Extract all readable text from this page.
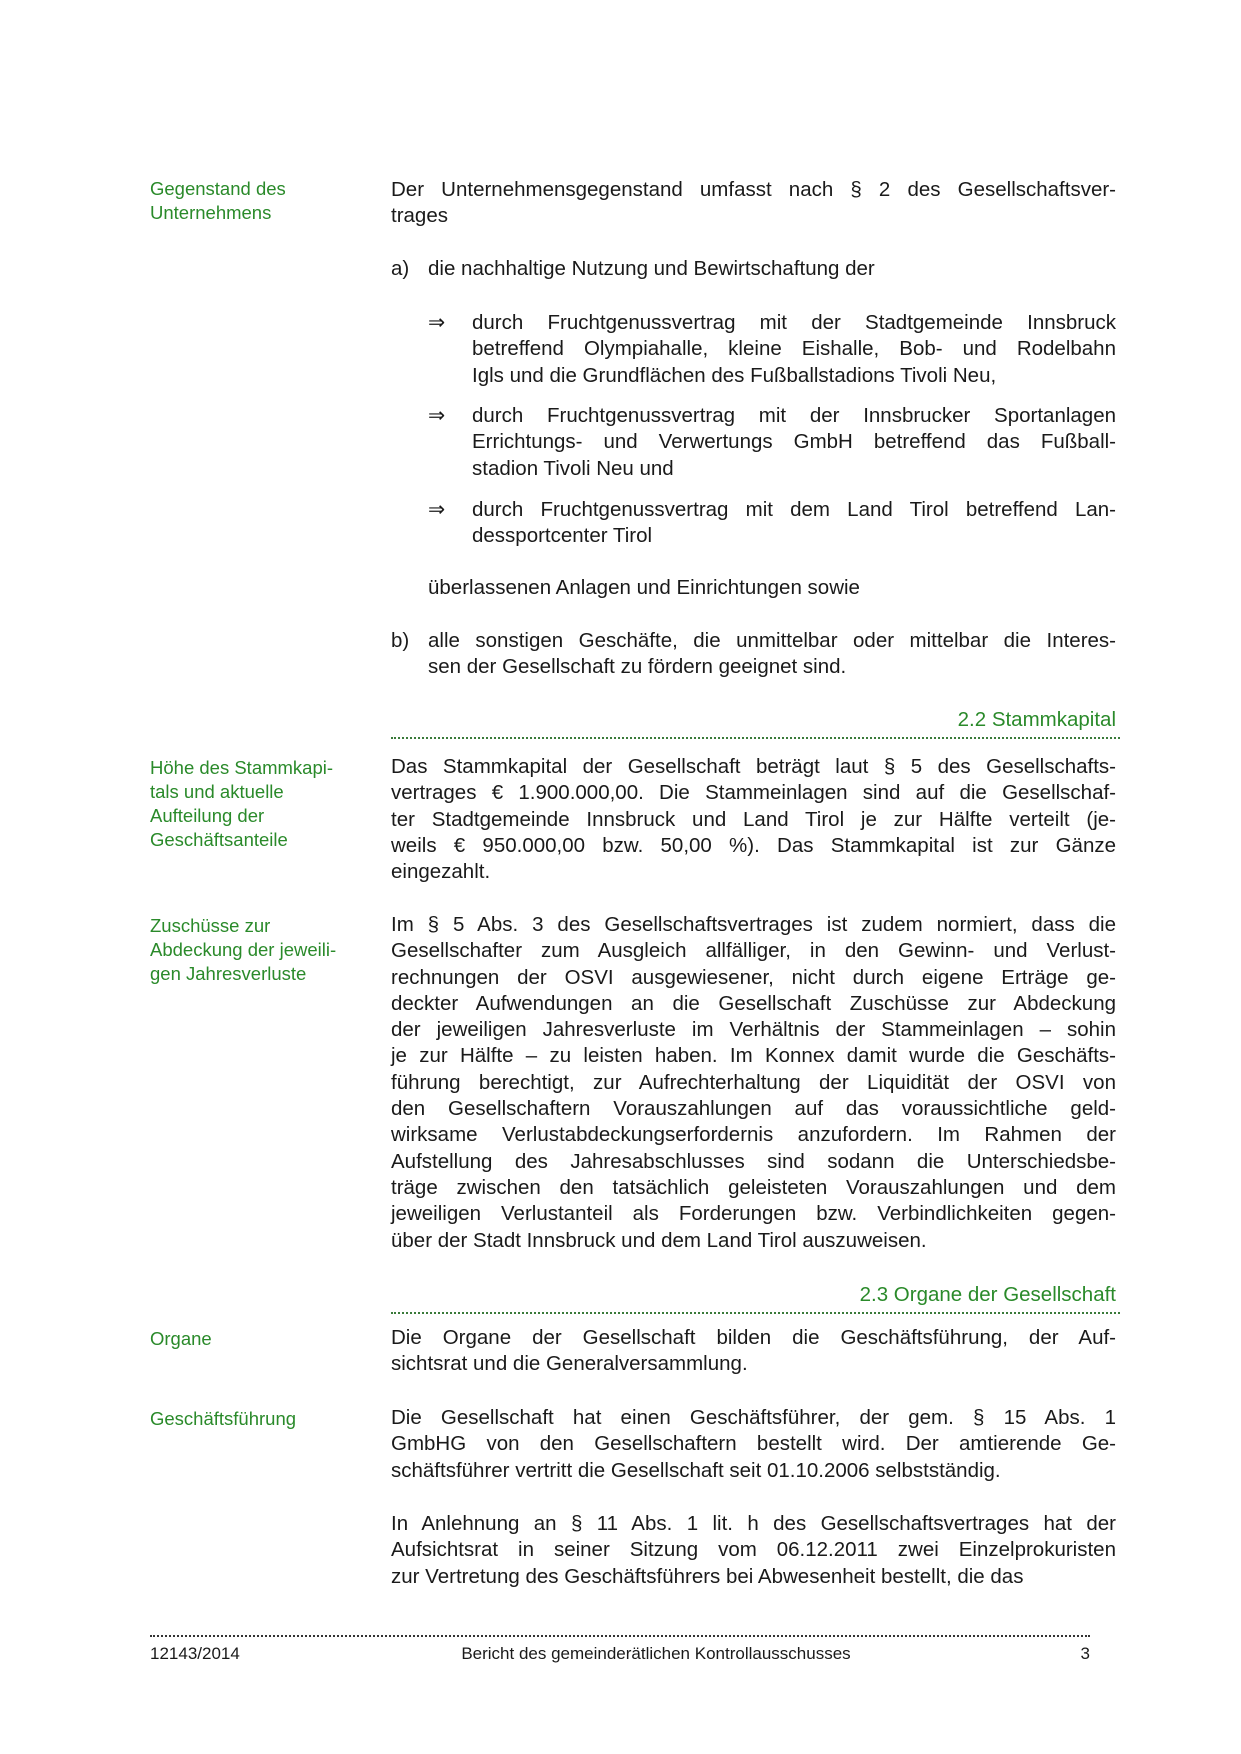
Gegenstand des
Unternehmens
Der Unternehmensgegenstand umfasst nach § 2 des Gesellschaftsver-
trages
a) die nachhaltige Nutzung und Bewirtschaftung der
⇒ durch Fruchtgenussvertrag mit der Stadtgemeinde Innsbruck
betreffend Olympiahalle, kleine Eishalle, Bob- und Rodelbahn
Igls und die Grundflächen des Fußballstadions Tivoli Neu,
⇒ durch Fruchtgenussvertrag mit der Innsbrucker Sportanlagen
Errichtungs- und Verwertungs GmbH betreffend das Fußball-
stadion Tivoli Neu und
⇒ durch Fruchtgenussvertrag mit dem Land Tirol betreffend Lan-
dessportcenter Tirol
überlassenen Anlagen und Einrichtungen sowie
b) alle sonstigen Geschäfte, die unmittelbar oder mittelbar die Interes-
sen der Gesellschaft zu fördern geeignet sind.
2.2 Stammkapital
Höhe des Stammkapi-
tals und aktuelle
Aufteilung der
Geschäftsanteile
Das Stammkapital der Gesellschaft beträgt laut § 5 des Gesellschafts-
vertrages € 1.900.000,00. Die Stammeinlagen sind auf die Gesellschaf-
ter Stadtgemeinde Innsbruck und Land Tirol je zur Hälfte verteilt (je-
weils € 950.000,00 bzw. 50,00 %). Das Stammkapital ist zur Gänze
eingezahlt.
Zuschüsse zur
Abdeckung der jeweili-
gen Jahresverluste
Im § 5 Abs. 3 des Gesellschaftsvertrages ist zudem normiert, dass die
Gesellschafter zum Ausgleich allfälliger, in den Gewinn- und Verlust-
rechnungen der OSVI ausgewiesener, nicht durch eigene Erträge ge-
deckter Aufwendungen an die Gesellschaft Zuschüsse zur Abdeckung
der jeweiligen Jahresverluste im Verhältnis der Stammeinlagen – sohin
je zur Hälfte – zu leisten haben. Im Konnex damit wurde die Geschäfts-
führung berechtigt, zur Aufrechterhaltung der Liquidität der OSVI von
den Gesellschaftern Vorauszahlungen auf das voraussichtliche geld-
wirksame Verlustabdeckungserfordernis anzufordern. Im Rahmen der
Aufstellung des Jahresabschlusses sind sodann die Unterschiedsbe-
träge zwischen den tatsächlich geleisteten Vorauszahlungen und dem
jeweiligen Verlustanteil als Forderungen bzw. Verbindlichkeiten gegen-
über der Stadt Innsbruck und dem Land Tirol auszuweisen.
2.3 Organe der Gesellschaft
Organe	Die Organe der Gesellschaft bilden die Geschäftsführung, der Auf-
sichtsrat und die Generalversammlung.
Geschäftsführung	Die Gesellschaft hat einen Geschäftsführer, der gem. § 15 Abs. 1
GmbHG von den Gesellschaftern bestellt wird. Der amtierende Ge-
schäftsführer vertritt die Gesellschaft seit 01.10.2006 selbstständig.
In Anlehnung an § 11 Abs. 1 lit. h des Gesellschaftsvertrages hat der
Aufsichtsrat in seiner Sitzung vom 06.12.2011 zwei Einzelprokuristen
zur Vertretung des Geschäftsführers bei Abwesenheit bestellt, die das
12143/2014	Bericht des gemeinderätlichen Kontrollausschusses	3
